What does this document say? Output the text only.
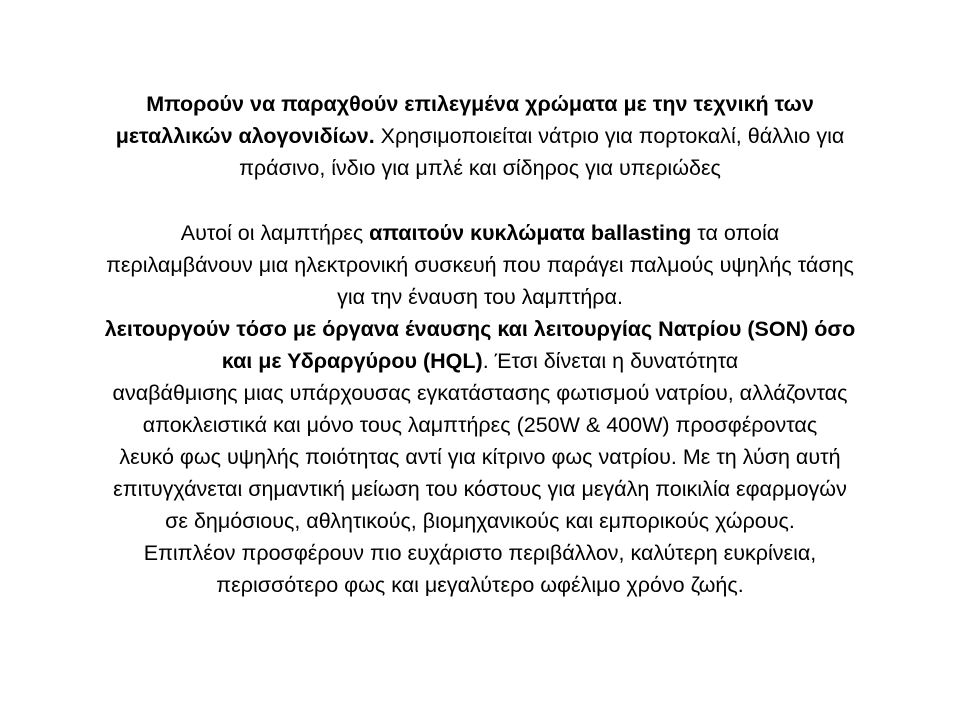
Μπορούν να παραχθούν επιλεγμένα χρώματα με την τεχνική των
μεταλλικών αλογονιδίων. Χρησιμοποιείται νάτριο για πορτοκαλί, θάλλιο για
πράσινο, ίνδιο για μπλέ και σίδηρος για υπεριώδες
Αυτοί οι λαμπτήρες απαιτούν κυκλώματα ballasting τα οποία
περιλαμβάνουν μια ηλεκτρονική συσκευή που παράγει παλμούς υψηλής τάσης
για την έναυση του λαμπτήρα.
λειτουργούν τόσο με όργανα έναυσης και λειτουργίας Νατρίου (SON) όσο
και με Υδραργύρου (HQL). Έτσι δίνεται η δυνατότητα
αναβάθμισης μιας υπάρχουσας εγκατάστασης φωτισμού νατρίου, αλλάζοντας
αποκλειστικά και μόνο τους λαμπτήρες (250W & 400W) προσφέροντας
λευκό φως υψηλής ποιότητας αντί για κίτρινο φως νατρίου. Με τη λύση αυτή
επιτυγχάνεται σημαντική μείωση του κόστους για μεγάλη ποικιλία εφαρμογών
σε δημόσιους, αθλητικούς, βιομηχανικούς και εμπορικούς χώρους.
Επιπλέον προσφέρουν πιο ευχάριστο περιβάλλον, καλύτερη ευκρίνεια,
περισσότερο φως και μεγαλύτερο ωφέλιμο χρόνο ζωής.
